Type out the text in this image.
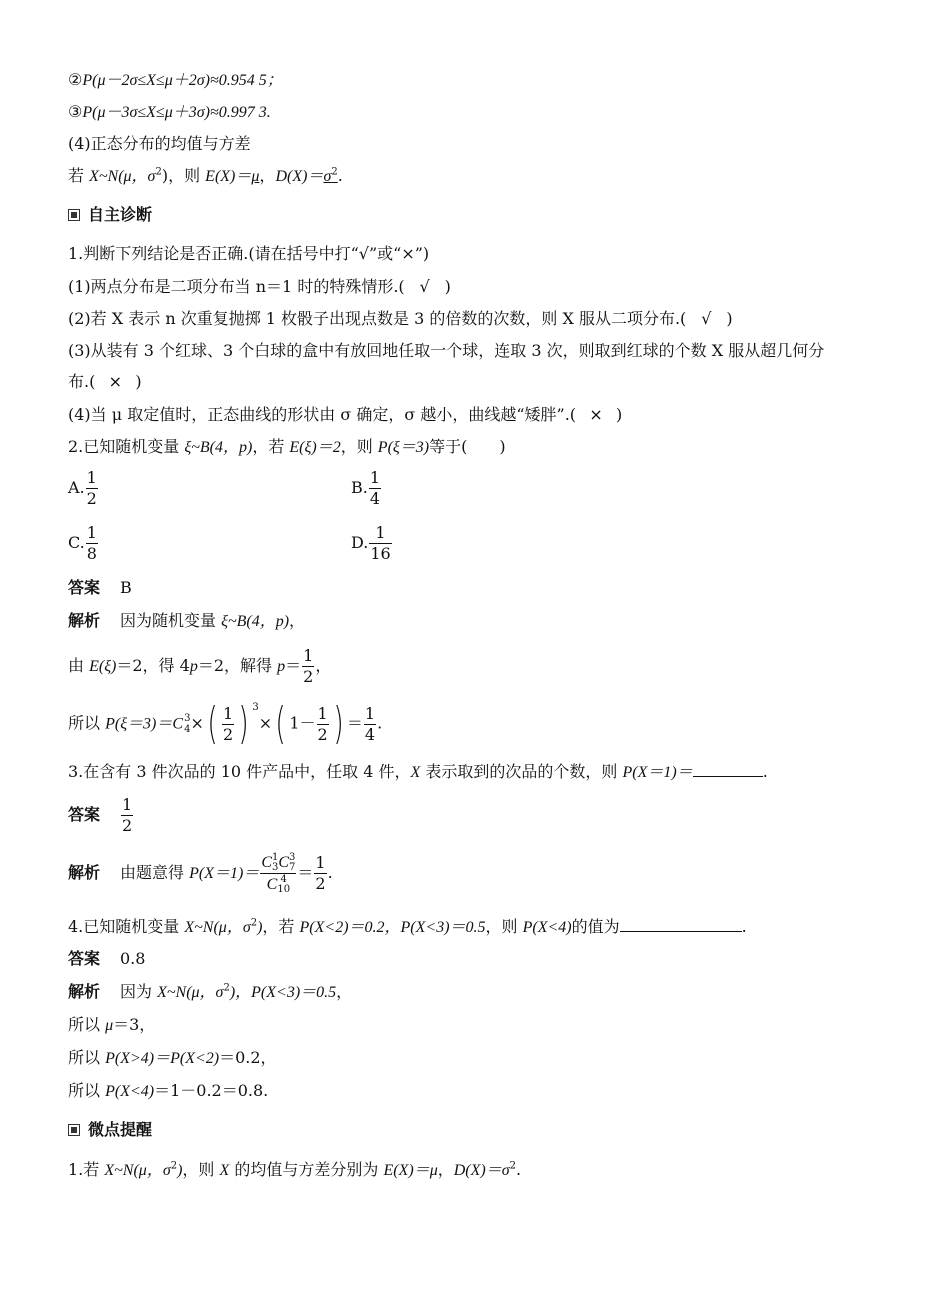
②P(μ－2σ≤X≤μ＋2σ)≈0.954 5；
③P(μ－3σ≤X≤μ＋3σ)≈0.997 3.
(4)正态分布的均值与方差
若 X~N(μ，$\sigma^2$)，则 E(X)＝μ，$D(X)=\sigma^2$.
自主诊断
1.判断下列结论是否正确.(请在括号中打“√”或“×”)
(1)两点分布是二项分布当 n＝1 时的特殊情形.( √ )
(2)若 X 表示 n 次重复抛掷 1 枚骰子出现点数是 3 的倍数的次数，则 X 服从二项分布.( √ )
(3)从装有 3 个红球、3 个白球的盒中有放回地任取一个球，连取 3 次，则取到红球的个数 X 服从超几何分
布.( × )
(4)当 μ 取定值时，正态曲线的形状由 σ 确定，σ 越小，曲线越“矮胖”.( × )
2.已知随机变量 ξ~B(4，p)，若 E(ξ)＝2，则 P(ξ＝3)等于(　　)
A. $\frac{1}{2}$	B. $\frac{1}{4}$
C. $\frac{1}{8}$	D. $\frac{1}{16}$
答案 B
解析 因为随机变量 ξ~B(4，p)，
由 E(ξ)＝2，得 4p＝2，解得 $p= \frac{1}{2}$ ，
所以 P(ξ＝3)＝C 3
4 ×( $\frac{1}{2}$ ) $^3$×( $1- \frac{1}{2}$ ) ＝ $\frac{1}{4}$ .
3.在含有 3 件次品的 10 件产品中，任取 4 件，X 表示取到的次品的个数，则 P(X＝1)＝	.
答案 $\frac{1}{2}$
解析 由题意得 P(X＝1)＝ C 1
3 C 3
7
C 4
$10 = \frac{1}{2}$ .
4.已知随机变量 X~N(μ，$\sigma^2$)，若 P(X<2)＝0.2，P(X<3)＝0.5，则 P(X<4)的值为	.
答案 0.8
解析 因为 X~N(μ，$\sigma^2$)，P(X<3)＝0.5，
所以 μ＝3，
所以 P(X>4)＝P(X<2)＝0.2，
所以 P(X<4)＝1－0.2＝0.8.
微点提醒
1.若 X~N(μ，$\sigma^2$)，则 X 的均值与方差分别为 E(X)＝μ，$D(X)=\sigma^2$.
